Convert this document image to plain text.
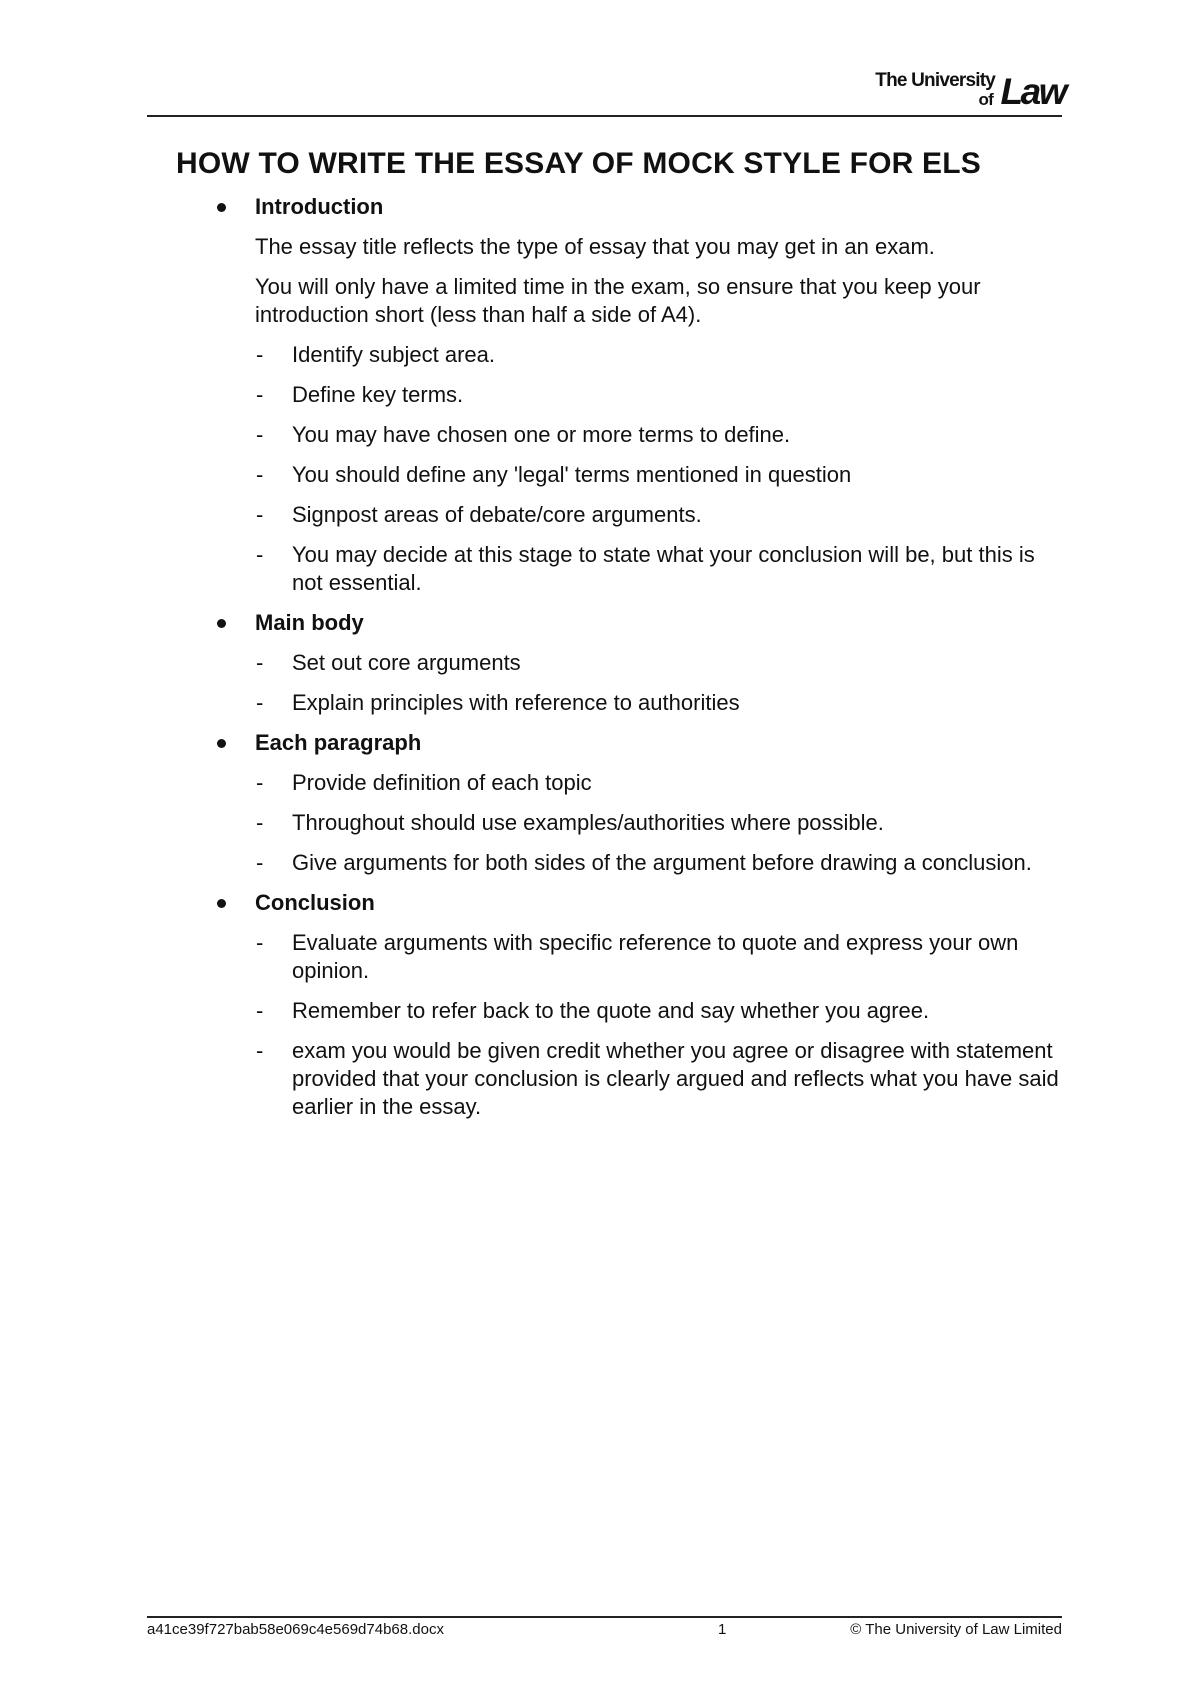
The University
of Law
HOW TO WRITE THE ESSAY OF MOCK STYLE FOR ELS
Introduction
The essay title reflects the type of essay that you may get in an exam.
You will only have a limited time in the exam, so ensure that you keep your introduction short (less than half a side of A4).
- Identify subject area.
- Define key terms.
- You may have chosen one or more terms to define.
- You should define any 'legal' terms mentioned in question
- Signpost areas of debate/core arguments.
- You may decide at this stage to state what your conclusion will be, but this is not essential.
Main body
- Set out core arguments
- Explain principles with reference to authorities
Each paragraph
- Provide definition of each topic
- Throughout should use examples/authorities where possible.
- Give arguments for both sides of the argument before drawing a conclusion.
Conclusion
- Evaluate arguments with specific reference to quote and express your own opinion.
- Remember to refer back to the quote and say whether you agree.
- exam you would be given credit whether you agree or disagree with statement provided that your conclusion is clearly argued and reflects what you have said earlier in the essay.
a41ce39f727bab58e069c4e569d74b68.docx	1	© The University of Law Limited
